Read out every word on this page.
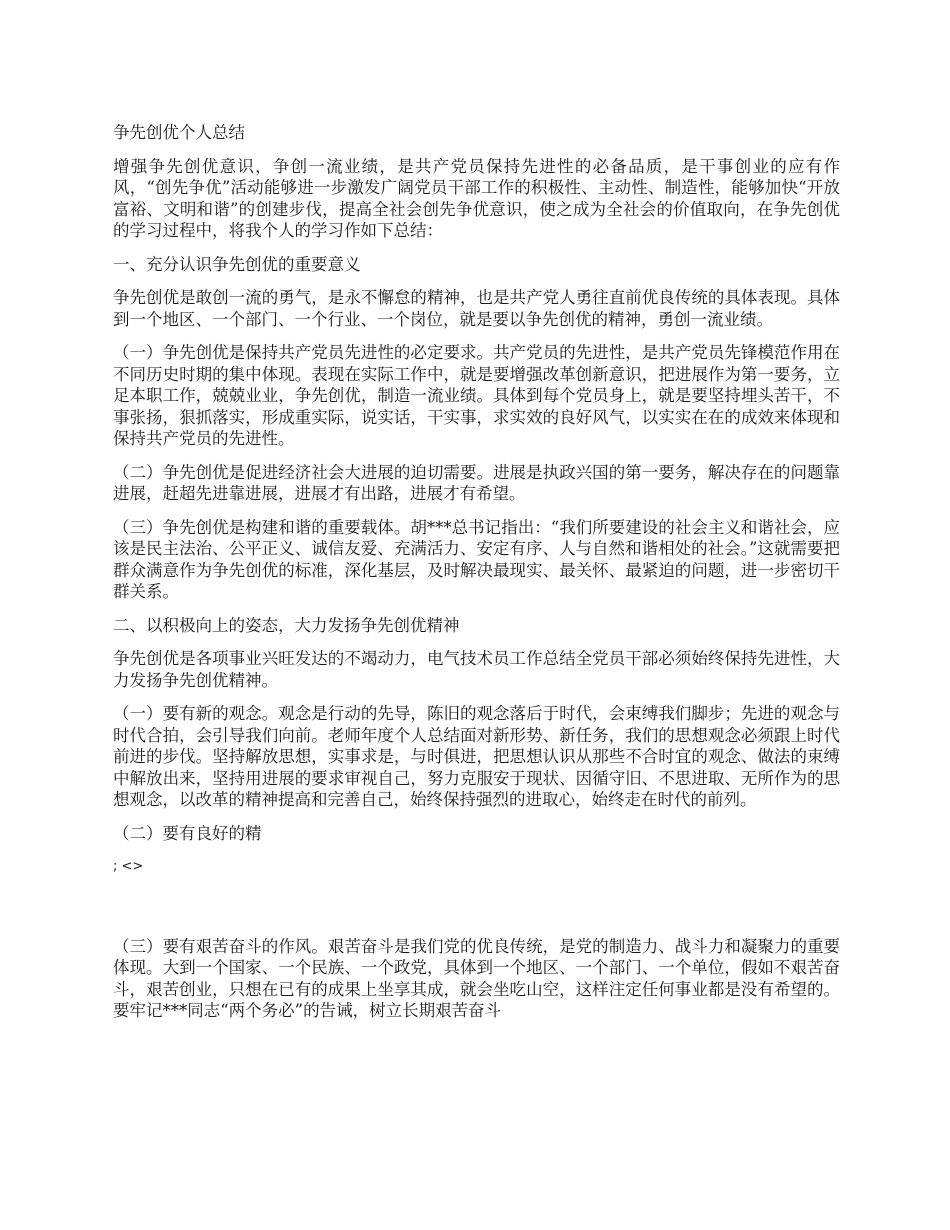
争先创优个人总结

增强争先创优意识，争创一流业绩，是共产党员保持先进性的必备品质，是干事创业的应有作风，“创先争优”活动能够进一步激发广阔党员干部工作的积极性、主动性、制造性，能够加快“开放富裕、文明和谐”的创建步伐，提高全社会创先争优意识，使之成为全社会的价值取向，在争先创优的学习过程中，将我个人的学习作如下总结：

一、充分认识争先创优的重要意义

争先创优是敢创一流的勇气，是永不懈怠的精神，也是共产党人勇往直前优良传统的具体表现。具体到一个地区、一个部门、一个行业、一个岗位，就是要以争先创优的精神，勇创一流业绩。

（一）争先创优是保持共产党员先进性的必定要求。共产党员的先进性，是共产党员先锋模范作用在不同历史时期的集中体现。表现在实际工作中，就是要增强改革创新意识，把进展作为第一要务，立足本职工作，兢兢业业，争先创优，制造一流业绩。具体到每个党员身上，就是要坚持埋头苦干，不事张扬，狠抓落实，形成重实际，说实话，干实事，求实效的良好风气，以实实在在的成效来体现和保持共产党员的先进性。

（二）争先创优是促进经济社会大进展的迫切需要。进展是执政兴国的第一要务，解决存在的问题靠进展，赶超先进靠进展，进展才有出路，进展才有希望。

（三）争先创优是构建和谐的重要载体。胡***总书记指出：“我们所要建设的社会主义和谐社会，应该是民主法治、公平正义、诚信友爱、充满活力、安定有序、人与自然和谐相处的社会。”这就需要把群众满意作为争先创优的标准，深化基层，及时解决最现实、最关怀、最紧迫的问题，进一步密切干群关系。

二、以积极向上的姿态，大力发扬争先创优精神

争先创优是各项事业兴旺发达的不竭动力，电气技术员工作总结全党员干部必须始终保持先进性，大力发扬争先创优精神。

（一）要有新的观念。观念是行动的先导，陈旧的观念落后于时代，会束缚我们脚步；先进的观念与时代合拍，会引导我们向前。老师年度个人总结面对新形势、新任务，我们的思想观念必须跟上时代前进的步伐。坚持解放思想，实事求是，与时俱进，把思想认识从那些不合时宜的观念、做法的束缚中解放出来，坚持用进展的要求审视自己，努力克服安于现状、因循守旧、不思进取、无所作为的思想观念，以改革的精神提高和完善自己，始终保持强烈的进取心，始终走在时代的前列。

（二）要有良好的精

; <>

（三）要有艰苦奋斗的作风。艰苦奋斗是我们党的优良传统，是党的制造力、战斗力和凝聚力的重要体现。大到一个国家、一个民族、一个政党，具体到一个地区、一个部门、一个单位，假如不艰苦奋斗，艰苦创业，只想在已有的成果上坐享其成，就会坐吃山空，这样注定任何事业都是没有希望的。要牢记***同志“两个务必”的告诫，树立长期艰苦奋斗
